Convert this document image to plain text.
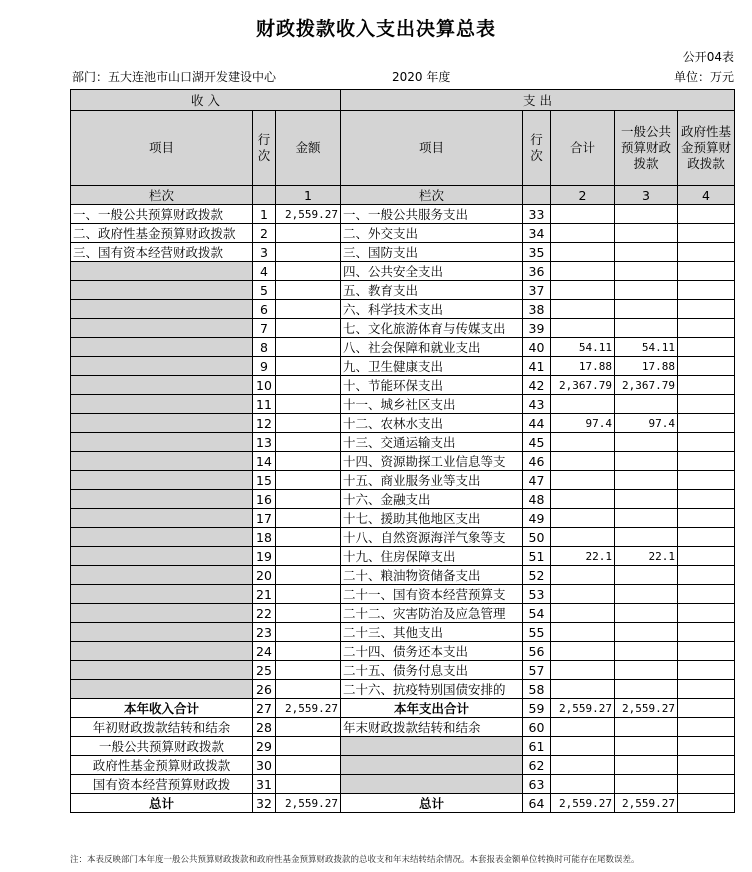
财政拨款收入支出决算总表
公开04表
部门：五大连池市山口湖开发建设中心	2020 年度	单位：万元
收 入			支 出				
项目	行次	金额	项目	行次	合计	一般公共预算财政拨款	政府性基金预算财政拨款
栏次		1	栏次		2	3	4
一、一般公共预算财政拨款	1	2,559.27	一、一般公共服务支出	33			
二、政府性基金预算财政拨款	2		二、外交支出	34			
三、国有资本经营财政拨款	3		三、国防支出	35			
	4		四、公共安全支出	36			
	5		五、教育支出	37			
	6		六、科学技术支出	38			
	7		七、文化旅游体育与传媒支出	39			
	8		八、社会保障和就业支出	40	54.11	54.11	
	9		九、卫生健康支出	41	17.88	17.88	
	10		十、节能环保支出	42	2,367.79	2,367.79	
	11		十一、城乡社区支出	43			
	12		十二、农林水支出	44	97.4	97.4	
	13		十三、交通运输支出	45			
	14		十四、资源勘探工业信息等支	46			
	15		十五、商业服务业等支出	47			
	16		十六、金融支出	48			
	17		十七、援助其他地区支出	49			
	18		十八、自然资源海洋气象等支	50			
	19		十九、住房保障支出	51	22.1	22.1	
	20		二十、粮油物资储备支出	52			
	21		二十一、国有资本经营预算支	53			
	22		二十二、灾害防治及应急管理	54			
	23		二十三、其他支出	55			
	24		二十四、债务还本支出	56			
	25		二十五、债务付息支出	57			
	26		二十六、抗疫特别国债安排的	58			
本年收入合计	27	2,559.27	本年支出合计	59	2,559.27	2,559.27	
年初财政拨款结转和结余	28		年末财政拨款结转和结余	60			
一般公共预算财政拨款	29			61			
政府性基金预算财政拨款	30			62			
国有资本经营预算财政拨	31			63			
总计	32	2,559.27	总计	64	2,559.27	2,559.27	
注：本表反映部门本年度一般公共预算财政拨款和政府性基金预算财政拨款的总收支和年末结转结余情况。本套报表金额单位转换时可能存在尾数误差。
